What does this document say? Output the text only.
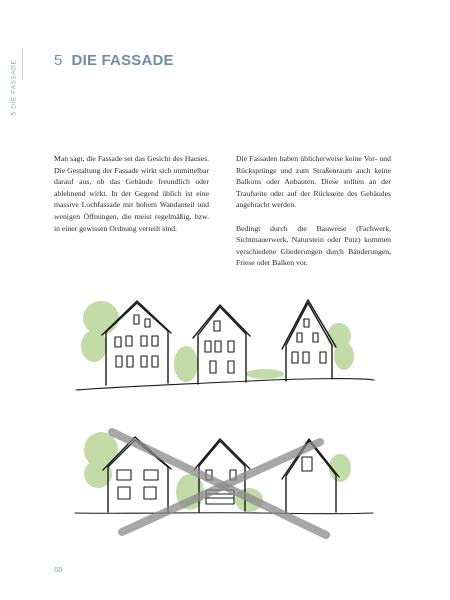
5 DIE FASSADE 5 DIE FASSADE

Man sagt, die Fassade sei das Gesicht des Hauses. Die Gestaltung der Fassade wirkt sich unmittelbar darauf aus, ob das Gebäude freundlich oder ablehnend wirkt. In der Gegend üblich ist eine massive Lochfassade mit hohem Wandanteil und wenigen Öffnungen, die meist regelmäßig, bzw. in einer gewissen Ordnung verteilt sind.

Die Fassaden haben üblicherweise keine Vor- und Rücksprünge und zum Straßenraum auch keine Balkons oder Anbauten. Diese sollten an der Traufseite oder auf der Rückseite des Gebäudes angebracht werden.

Bedingt durch die Bauweise (Fachwerk, Sichtmauerwerk, Naturstein oder Putz) kommen verschiedene Gliederungen durch Bänderungen, Friese oder Balken vor.

68
